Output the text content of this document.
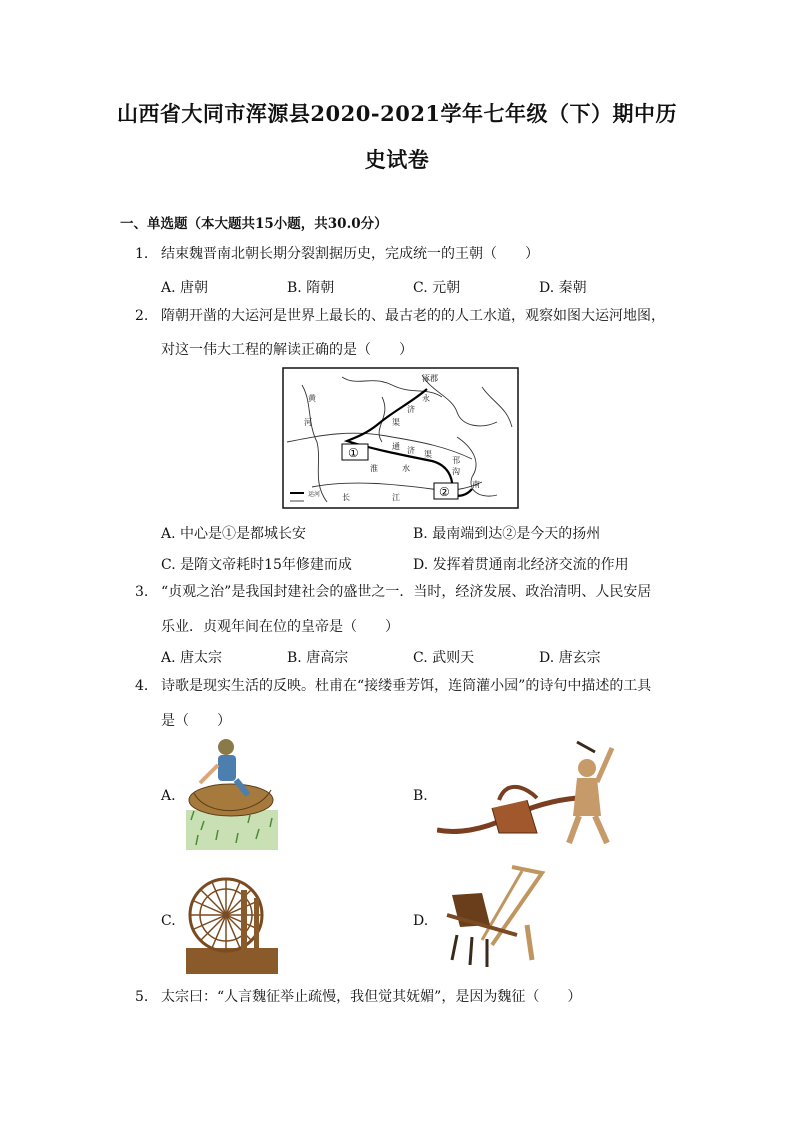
山西省大同市浑源县2020-2021学年七年级（下）期中历
史试卷
一、单选题（本大题共15小题，共30.0分）
1. 结束魏晋南北朝长期分裂割据历史，完成统一的王朝（　　）
A. 唐朝	B. 隋朝	C. 元朝	D. 秦朝
2. 隋朝开凿的大运河是世界上最长的、最古老的的人工水道，观察如图大运河地图，
对这一伟大工程的解读正确的是（　　）
涿郡
永
济
黄
河	渠
通 济 渠
淮	水
邗
沟
长	江
南
运河
①
②
A. 中心是①是都城长安	B. 最南端到达②是今天的扬州
C. 是隋文帝耗时15年修建而成	D. 发挥着贯通南北经济交流的作用
3. “贞观之治”是我国封建社会的盛世之一．当时，经济发展、政治清明、人民安居
乐业．贞观年间在位的皇帝是（　　）
A. 唐太宗	B. 唐高宗	C. 武则天	D. 唐玄宗
4. 诗歌是现实生活的反映。杜甫在“接缕垂芳饵，连筒灌小园”的诗句中描述的工具
是（　　）
A.	B.
C.	D.
5. 太宗曰：“人言魏征举止疏慢，我但觉其妩媚”，是因为魏征（　　）
